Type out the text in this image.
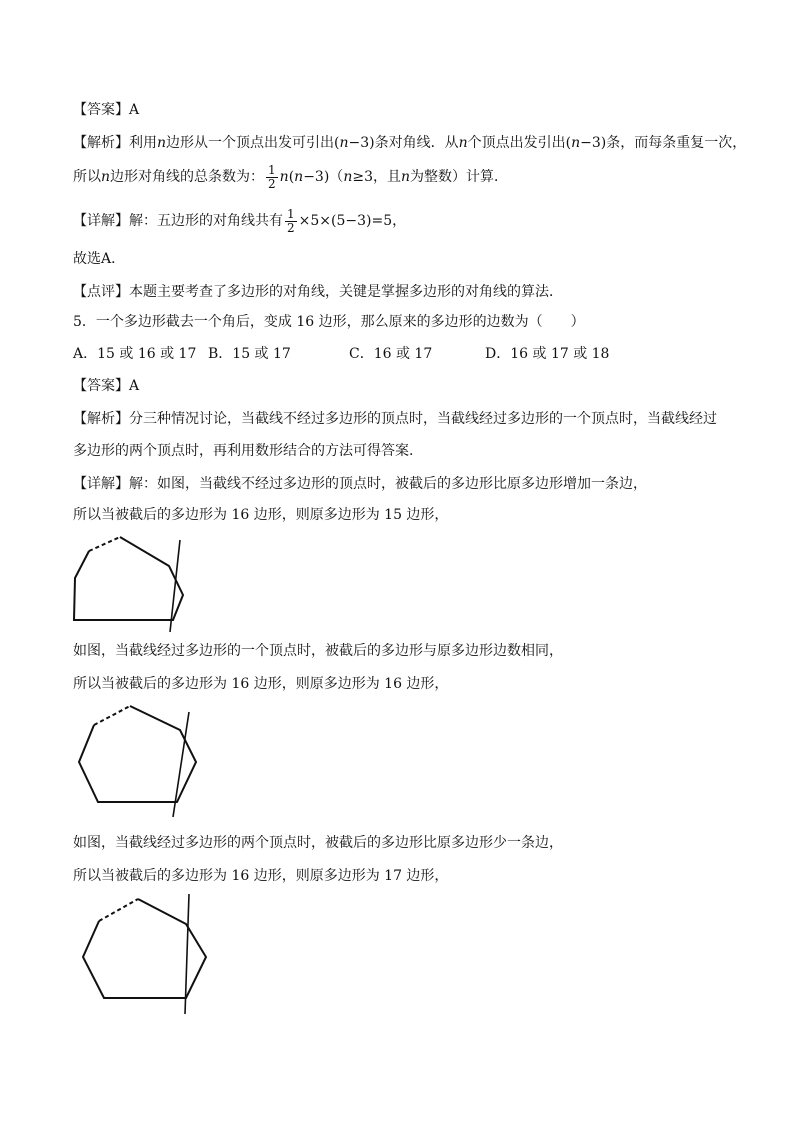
【答案】A
【解析】利用n边形从一个顶点出发可引出(n−3)条对角线．从n个顶点出发引出(n−3)条，而每条重复一次，
所以n边形对角线的总条数为： $\frac{1}{2} n(n-3)(n\ge 3$，且n为整数）计算．
【详解】解：五边形的对角线共有 $\frac{1}{2} \times 5\times(5-3)=5$，
故选A．
【点评】本题主要考查了多边形的对角线，关键是掌握多边形的对角线的算法．
5．一个多边形截去一个角后，变成 16 边形，那么原来的多边形的边数为（　　）
A．15 或 16 或 17 B．15 或 17	C．16 或 17	D．16 或 17 或 18
【答案】A
【解析】分三种情况讨论，当截线不经过多边形的顶点时，当截线经过多边形的一个顶点时，当截线经过
多边形的两个顶点时，再利用数形结合的方法可得答案.
【详解】解：如图，当截线不经过多边形的顶点时，被截后的多边形比原多边形增加一条边，
所以当被截后的多边形为 16 边形，则原多边形为 15 边形，
如图，当截线经过多边形的一个顶点时，被截后的多边形与原多边形边数相同，
所以当被截后的多边形为 16 边形，则原多边形为 16 边形，
如图，当截线经过多边形的两个顶点时，被截后的多边形比原多边形少一条边，
所以当被截后的多边形为 16 边形，则原多边形为 17 边形，
